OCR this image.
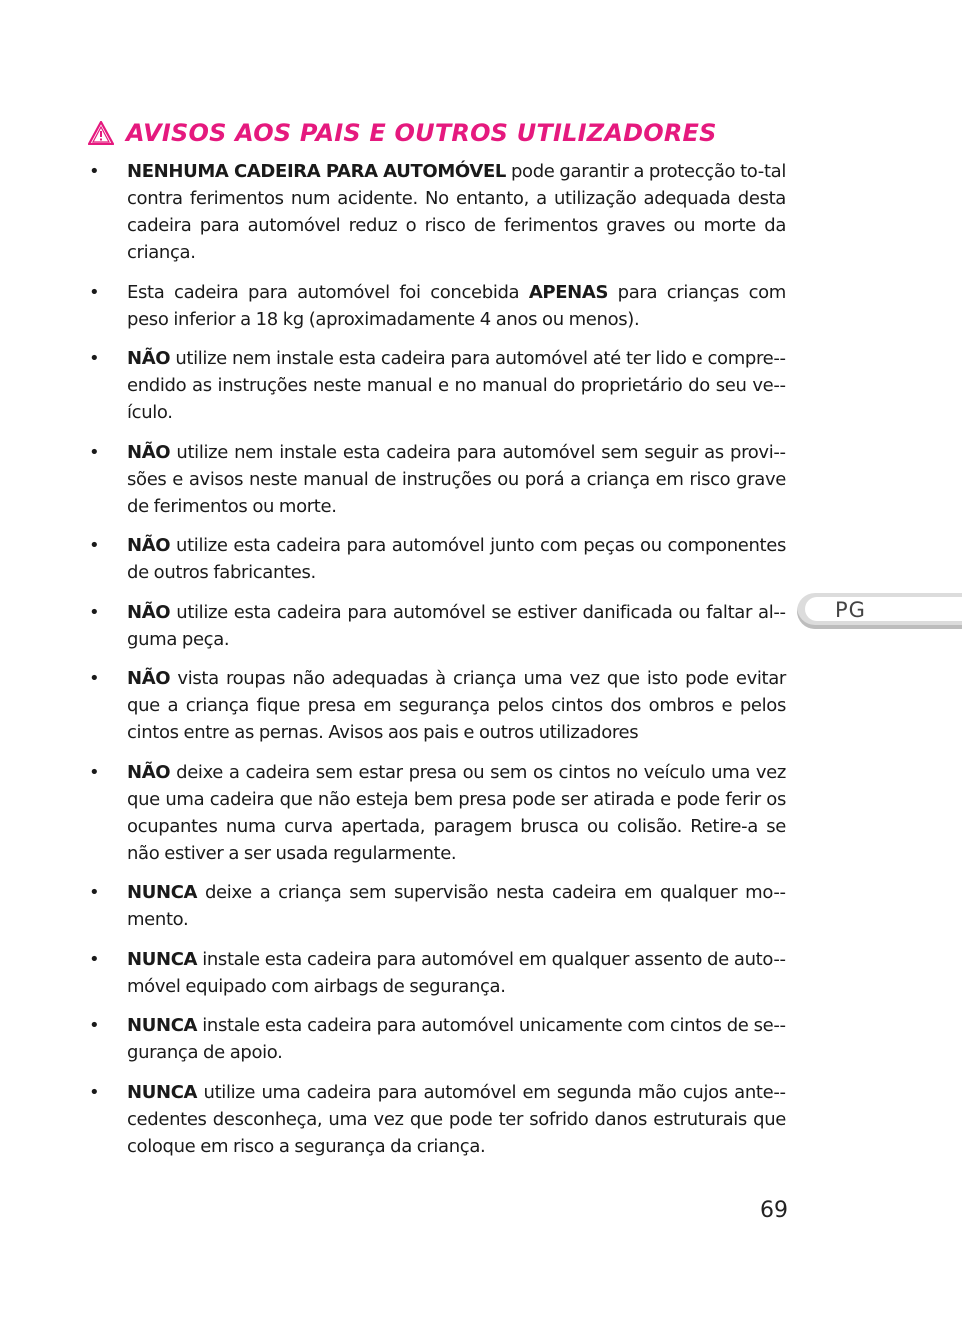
AVISOS AOS PAIS E OUTROS UTILIZADORES
• NENHUMA CADEIRA PARA AUTOMÓVEL pode garantir a protecção to-tal contra ferimentos num acidente. No entanto, a utilização adequada desta cadeira para automóvel reduz o risco de ferimentos graves ou morte da criança.
• Esta cadeira para automóvel foi concebida APENAS para crianças com peso inferior a 18 kg (aproximadamente 4 anos ou menos).
• NÃO utilize nem instale esta cadeira para automóvel até ter lido e compre-endido as instruções neste manual e no manual do proprietário do seu ve-ículo.
• NÃO utilize nem instale esta cadeira para automóvel sem seguir as provi-sões e avisos neste manual de instruções ou porá a criança em risco grave de ferimentos ou morte.
• NÃO utilize esta cadeira para automóvel junto com peças ou componentes de outros fabricantes.
• NÃO utilize esta cadeira para automóvel se estiver danificada ou faltar al-guma peça.
• NÃO vista roupas não adequadas à criança uma vez que isto pode evitar que a criança fique presa em segurança pelos cintos dos ombros e pelos cintos entre as pernas. Avisos aos pais e outros utilizadores
• NÃO deixe a cadeira sem estar presa ou sem os cintos no veículo uma vez que uma cadeira que não esteja bem presa pode ser atirada e pode ferir os ocupantes numa curva apertada, paragem brusca ou colisão. Retire-a se não estiver a ser usada regularmente.
• NUNCA deixe a criança sem supervisão nesta cadeira em qualquer mo-mento.
• NUNCA instale esta cadeira para automóvel em qualquer assento de auto-móvel equipado com airbags de segurança.
• NUNCA instale esta cadeira para automóvel unicamente com cintos de se-gurança de apoio.
• NUNCA utilize uma cadeira para automóvel em segunda mão cujos ante-cedentes desconheça, uma vez que pode ter sofrido danos estruturais que coloque em risco a segurança da criança.
PG
69
